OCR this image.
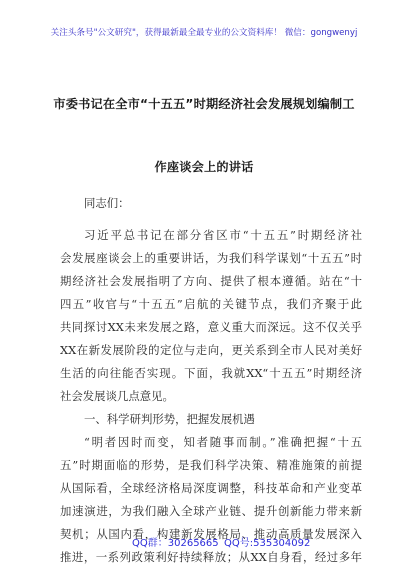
关注头条号"公文研究"，获得最新最全最专业的公文资料库！ 微信：gongwenyj
市委书记在全市“十五五”时期经济社会发展规划编制工
作座谈会上的讲话
同志们：
习近平总书记在部分省区市“十五五”时期经济社
会发展座谈会上的重要讲话，为我们科学谋划“十五五”时
期经济社会发展指明了方向、提供了根本遵循。站在“十
四五”收官与“十五五”启航的关键节点，我们齐聚于此
共同探讨XX未来发展之路，意义重大而深远。这不仅关乎
XX在新发展阶段的定位与走向，更关系到全市人民对美好
生活的向往能否实现。下面，我就XX“十五五”时期经济
社会发展谈几点意见。
一、科学研判形势，把握发展机遇
“明者因时而变，知者随事而制。”准确把握“十五
五”时期面临的形势，是我们科学决策、精准施策的前提
从国际看，全球经济格局深度调整，科技革命和产业变革
加速演进，为我们融入全球产业链、提升创新能力带来新
契机；从国内看，构建新发展格局、推动高质量发展深入
推进，一系列政策利好持续释放；从XX自身看，经过多年
QQ群：30265665 QQ号:535304092
